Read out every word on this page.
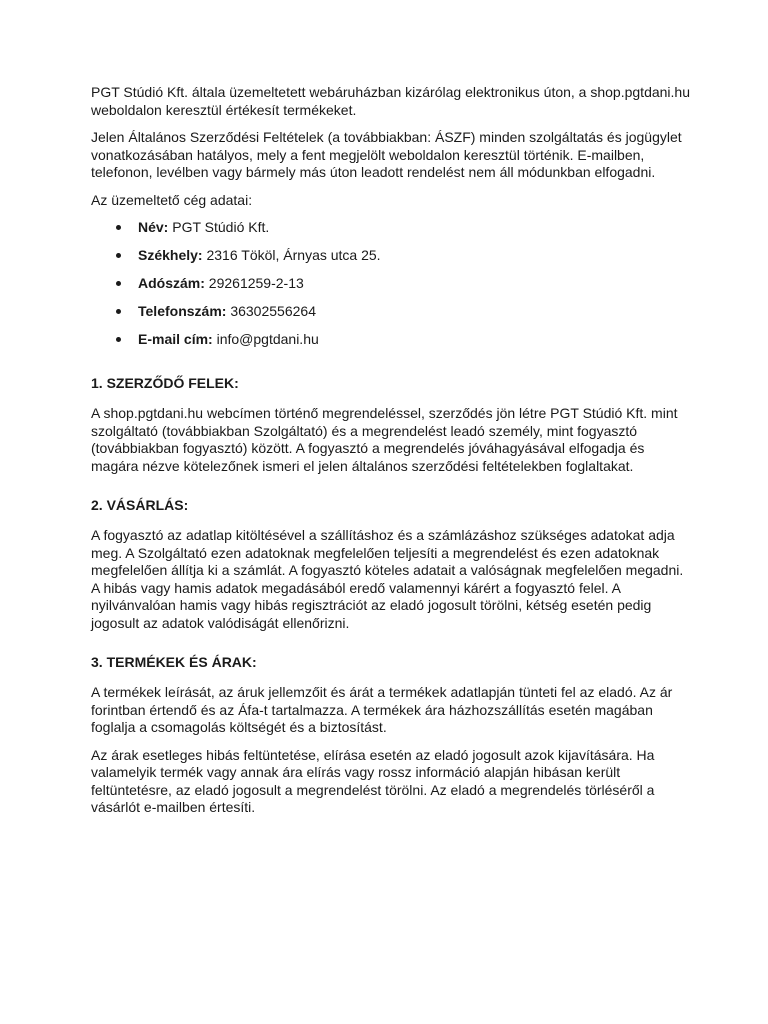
PGT Stúdió Kft. általa üzemeltetett webáruházban kizárólag elektronikus úton, a shop.pgtdani.hu weboldalon keresztül értékesít termékeket.

Jelen Általános Szerződési Feltételek (a továbbiakban: ÁSZF) minden szolgáltatás és jogügylet vonatkozásában hatályos, mely a fent megjelölt weboldalon keresztül történik. E-mailben, telefonon, levélben vagy bármely más úton leadott rendelést nem áll módunkban elfogadni.

Az üzemeltető cég adatai:

Név: PGT Stúdió Kft.
Székhely: 2316 Tököl, Árnyas utca 25.
Adószám: 29261259-2-13
Telefonszám: 36302556264
E-mail cím: info@pgtdani.hu
1. SZERZŐDŐ FELEK:

A shop.pgtdani.hu webcímen történő megrendeléssel, szerződés jön létre PGT Stúdió Kft. mint szolgáltató (továbbiakban Szolgáltató) és a megrendelést leadó személy, mint fogyasztó (továbbiakban fogyasztó) között. A fogyasztó a megrendelés jóváhagyásával elfogadja és magára nézve kötelezőnek ismeri el jelen általános szerződési feltételekben foglaltakat.

2. VÁSÁRLÁS:

A fogyasztó az adatlap kitöltésével a szállításhoz és a számlázáshoz szükséges adatokat adja meg. A Szolgáltató ezen adatoknak megfelelően teljesíti a megrendelést és ezen adatoknak megfelelően állítja ki a számlát. A fogyasztó köteles adatait a valóságnak megfelelően megadni. A hibás vagy hamis adatok megadásából eredő valamennyi kárért a fogyasztó felel. A nyilvánvalóan hamis vagy hibás regisztrációt az eladó jogosult törölni, kétség esetén pedig jogosult az adatok valódiságát ellenőrizni.

3. TERMÉKEK ÉS ÁRAK:

A termékek leírását, az áruk jellemzőit és árát a termékek adatlapján tünteti fel az eladó. Az ár forintban értendő és az Áfa-t tartalmazza. A termékek ára házhozszállítás esetén magában foglalja a csomagolás költségét és a biztosítást.

Az árak esetleges hibás feltüntetése, elírása esetén az eladó jogosult azok kijavítására. Ha valamelyik termék vagy annak ára elírás vagy rossz információ alapján hibásan került feltüntetésre, az eladó jogosult a megrendelést törölni. Az eladó a megrendelés törléséről a vásárlót e-mailben értesíti.
